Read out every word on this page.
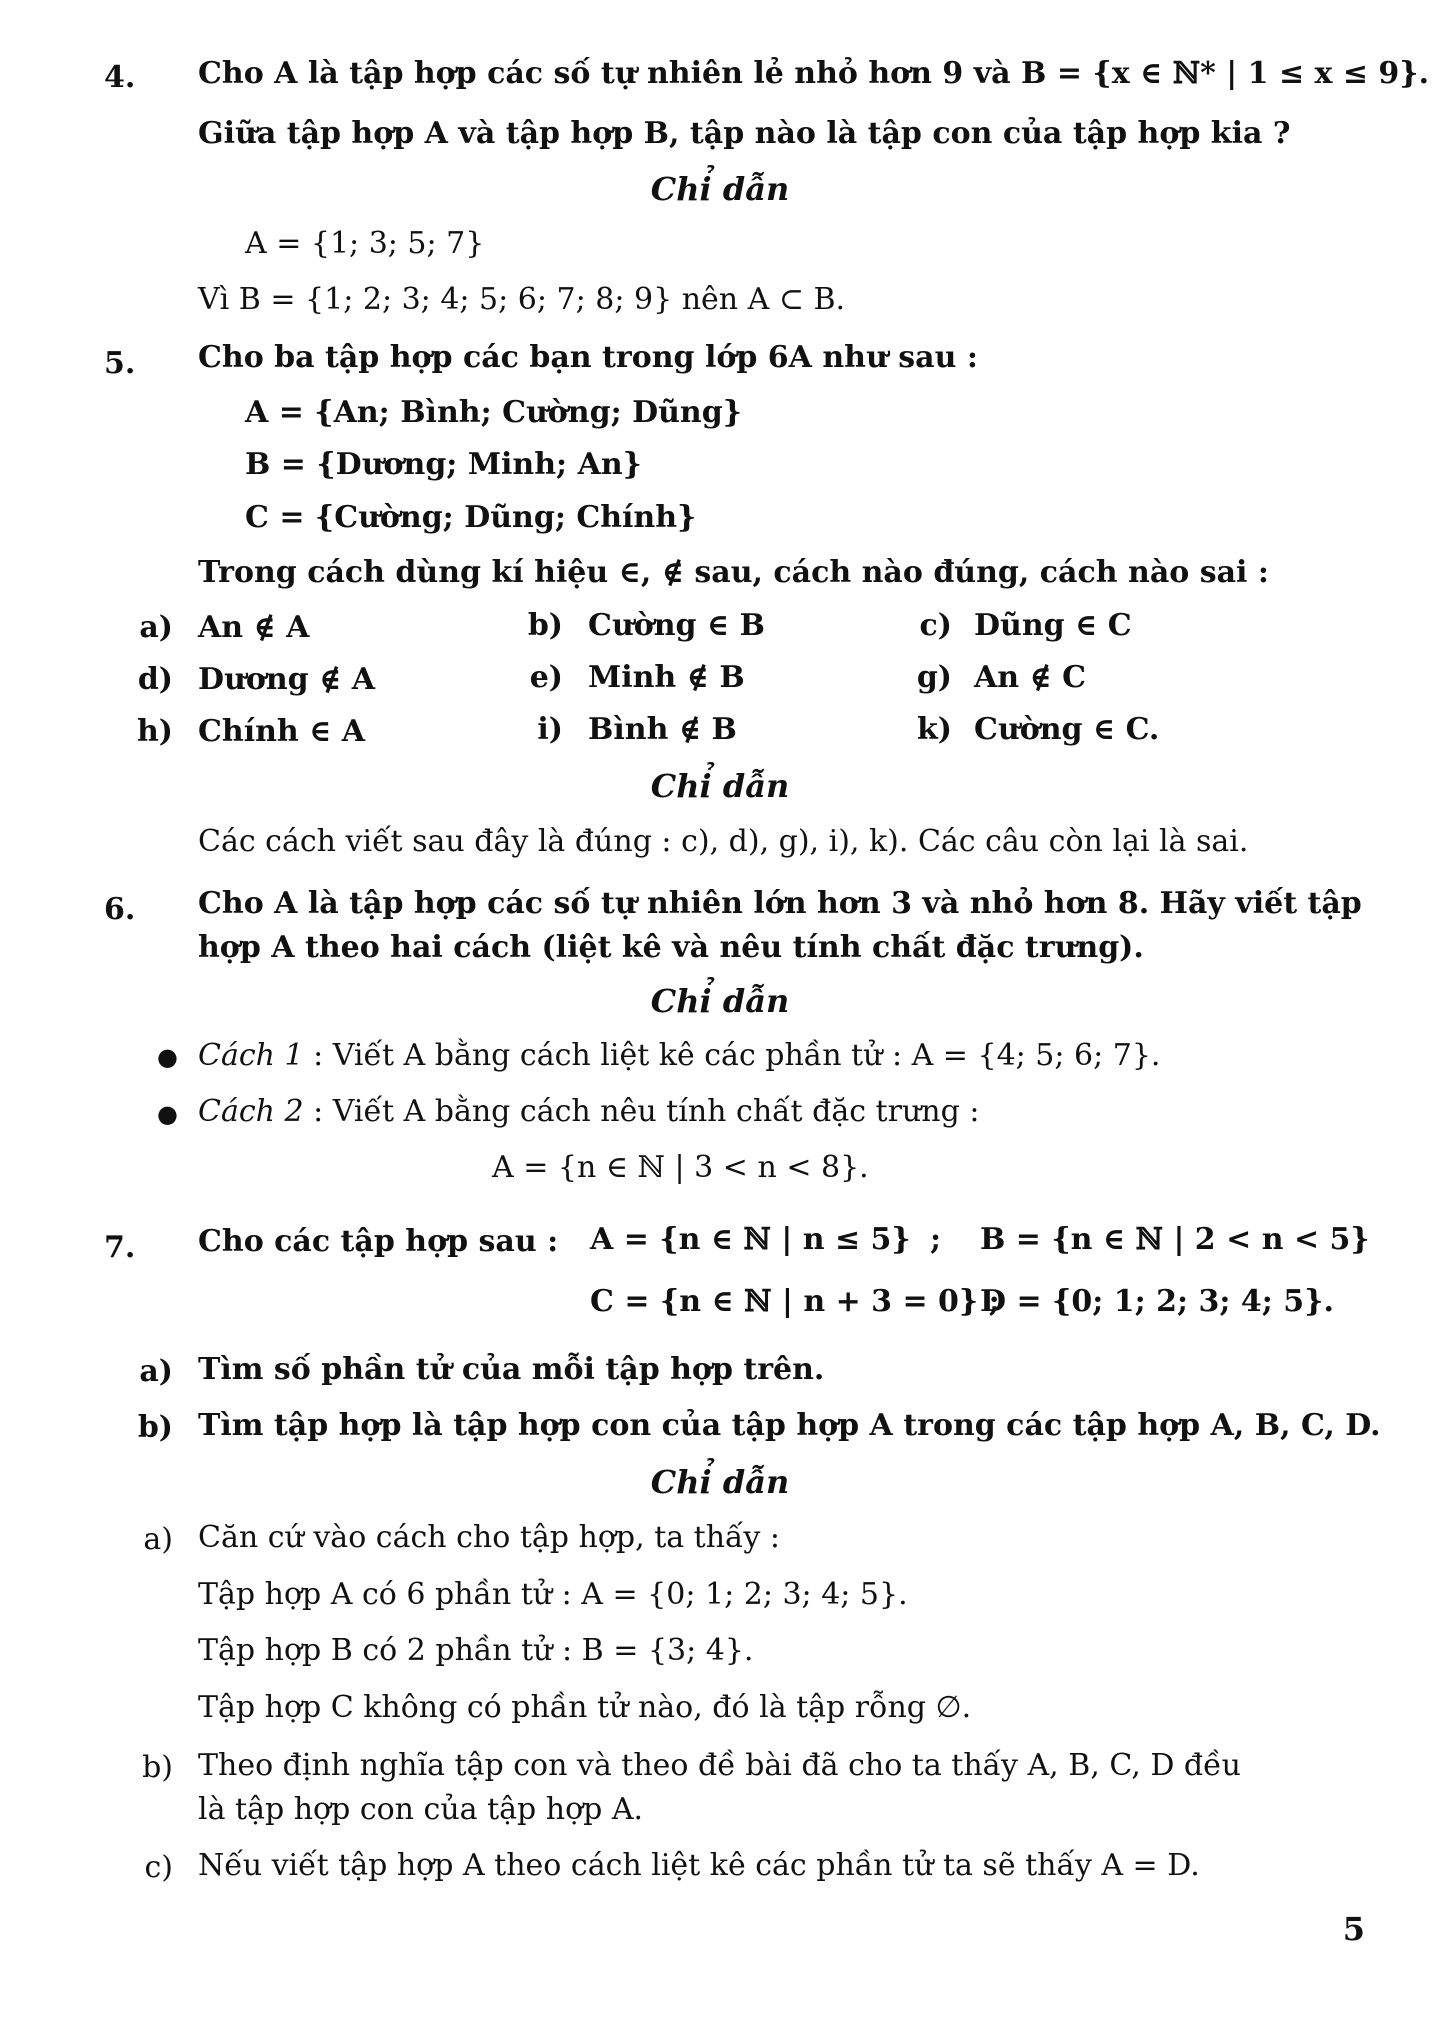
4. Cho A là tập hợp các số tự nhiên lẻ nhỏ hơn 9 và B = {x ∈ ℕ* | 1 ≤ x ≤ 9}.
Giữa tập hợp A và tập hợp B, tập nào là tập con của tập hợp kia ?
Chỉ dẫn
A = {1; 3; 5; 7}
Vì B = {1; 2; 3; 4; 5; 6; 7; 8; 9} nên A ⊂ B.
5. Cho ba tập hợp các bạn trong lớp 6A như sau :
A = {An; Bình; Cường; Dũng}
B = {Dương; Minh; An}
C = {Cường; Dũng; Chính}
Trong cách dùng kí hiệu ∈, ∉ sau, cách nào đúng, cách nào sai :
a) An ∉ A	b) Cường ∈ B	c) Dũng ∈ C
d) Dương ∉ A	e) Minh ∉ B	g) An ∉ C
h) Chính ∈ A	i) Bình ∉ B	k) Cường ∈ C.
Chỉ dẫn
Các cách viết sau đây là đúng : c), d), g), i), k). Các câu còn lại là sai.
6. Cho A là tập hợp các số tự nhiên lớn hơn 3 và nhỏ hơn 8. Hãy viết tập
hợp A theo hai cách (liệt kê và nêu tính chất đặc trưng).
Chỉ dẫn
● Cách 1 : Viết A bằng cách liệt kê các phần tử : A = {4; 5; 6; 7}.
● Cách 2 : Viết A bằng cách nêu tính chất đặc trưng :
A = {n ∈ ℕ | 3 < n < 8}.
7. Cho các tập hợp sau : A = {n ∈ ℕ | n ≤ 5} ; B = {n ∈ ℕ | 2 < n < 5}
C = {n ∈ ℕ | n + 3 = 0} ;
D = {0; 1; 2; 3; 4; 5}.
a) Tìm số phần tử của mỗi tập hợp trên.
b) Tìm tập hợp là tập hợp con của tập hợp A trong các tập hợp A, B, C, D.
Chỉ dẫn
a) Căn cứ vào cách cho tập hợp, ta thấy :
Tập hợp A có 6 phần tử : A = {0; 1; 2; 3; 4; 5}.
Tập hợp B có 2 phần tử : B = {3; 4}.
Tập hợp C không có phần tử nào, đó là tập rỗng ∅.
b) Theo định nghĩa tập con và theo đề bài đã cho ta thấy A, B, C, D đều
là tập hợp con của tập hợp A.
c) Nếu viết tập hợp A theo cách liệt kê các phần tử ta sẽ thấy A = D.
5
